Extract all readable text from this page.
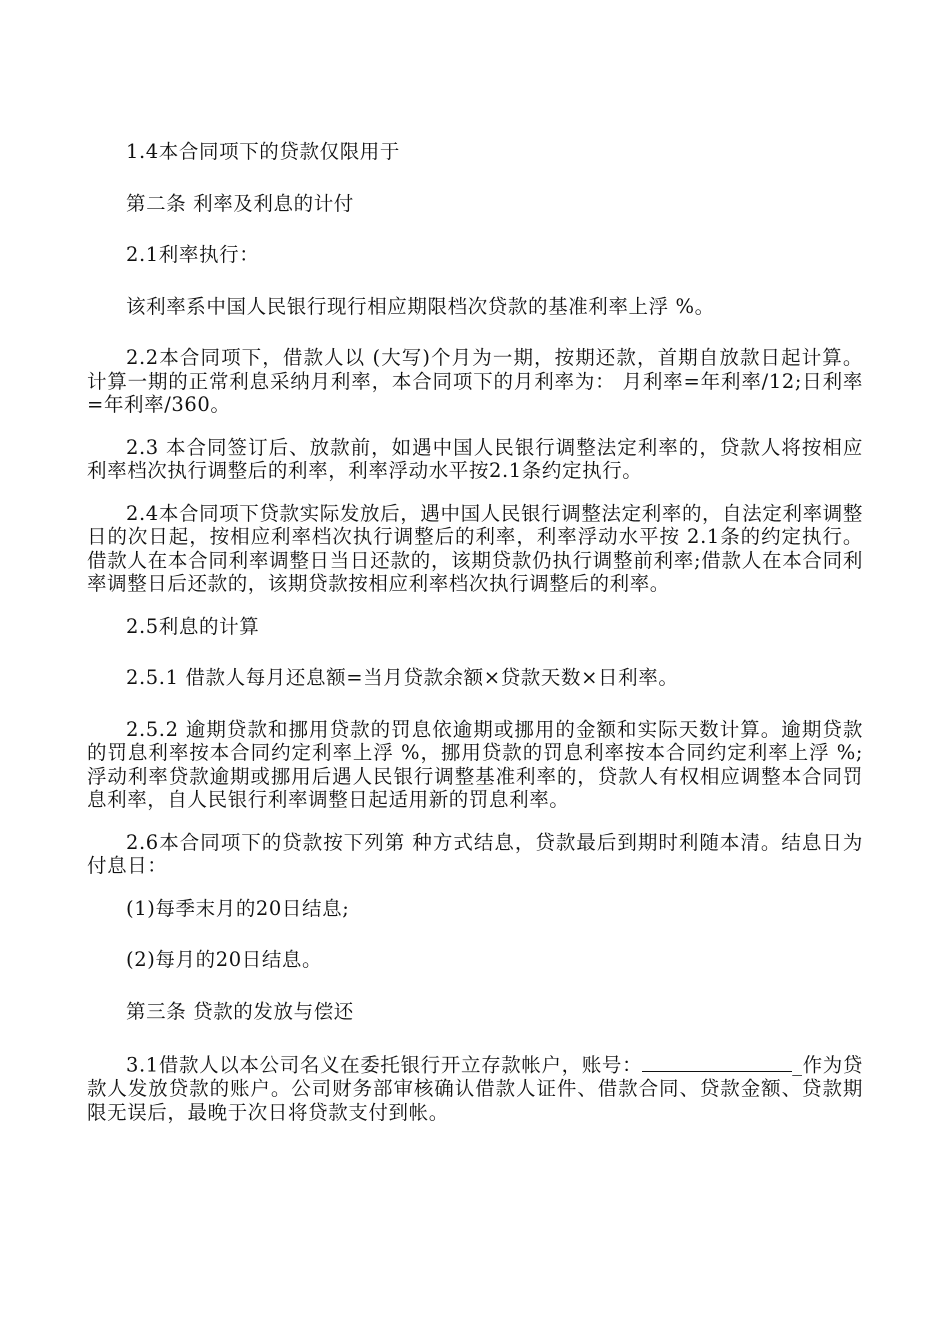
1.4本合同项下的贷款仅限用于

第二条 利率及利息的计付

2.1利率执行：

该利率系中国人民银行现行相应期限档次贷款的基准利率上浮 %。

2.2本合同项下，借款人以 (大写)个月为一期，按期还款，首期自放款日起计算。计算一期的正常利息采纳月利率，本合同项下的月利率为： 月利率=年利率/12;日利率=年利率/360。

2.3 本合同签订后、放款前，如遇中国人民银行调整法定利率的，贷款人将按相应利率档次执行调整后的利率，利率浮动水平按2.1条约定执行。

2.4本合同项下贷款实际发放后，遇中国人民银行调整法定利率的，自法定利率调整日的次日起，按相应利率档次执行调整后的利率，利率浮动水平按 2.1条的约定执行。借款人在本合同利率调整日当日还款的，该期贷款仍执行调整前利率;借款人在本合同利率调整日后还款的，该期贷款按相应利率档次执行调整后的利率。

2.5利息的计算

2.5.1 借款人每月还息额=当月贷款余额×贷款天数×日利率。

2.5.2 逾期贷款和挪用贷款的罚息依逾期或挪用的金额和实际天数计算。逾期贷款的罚息利率按本合同约定利率上浮 %，挪用贷款的罚息利率按本合同约定利率上浮 %;浮动利率贷款逾期或挪用后遇人民银行调整基准利率的，贷款人有权相应调整本合同罚息利率，自人民银行利率调整日起适用新的罚息利率。

2.6本合同项下的贷款按下列第 种方式结息，贷款最后到期时利随本清。结息日为付息日：

(1)每季末月的20日结息;

(2)每月的20日结息。

第三条 贷款的发放与偿还

3.1借款人以本公司名义在委托银行开立存款帐户，账号：	_作为贷款人发放贷款的账户。公司财务部审核确认借款人证件、借款合同、贷款金额、贷款期限无误后，最晚于次日将贷款支付到帐。
